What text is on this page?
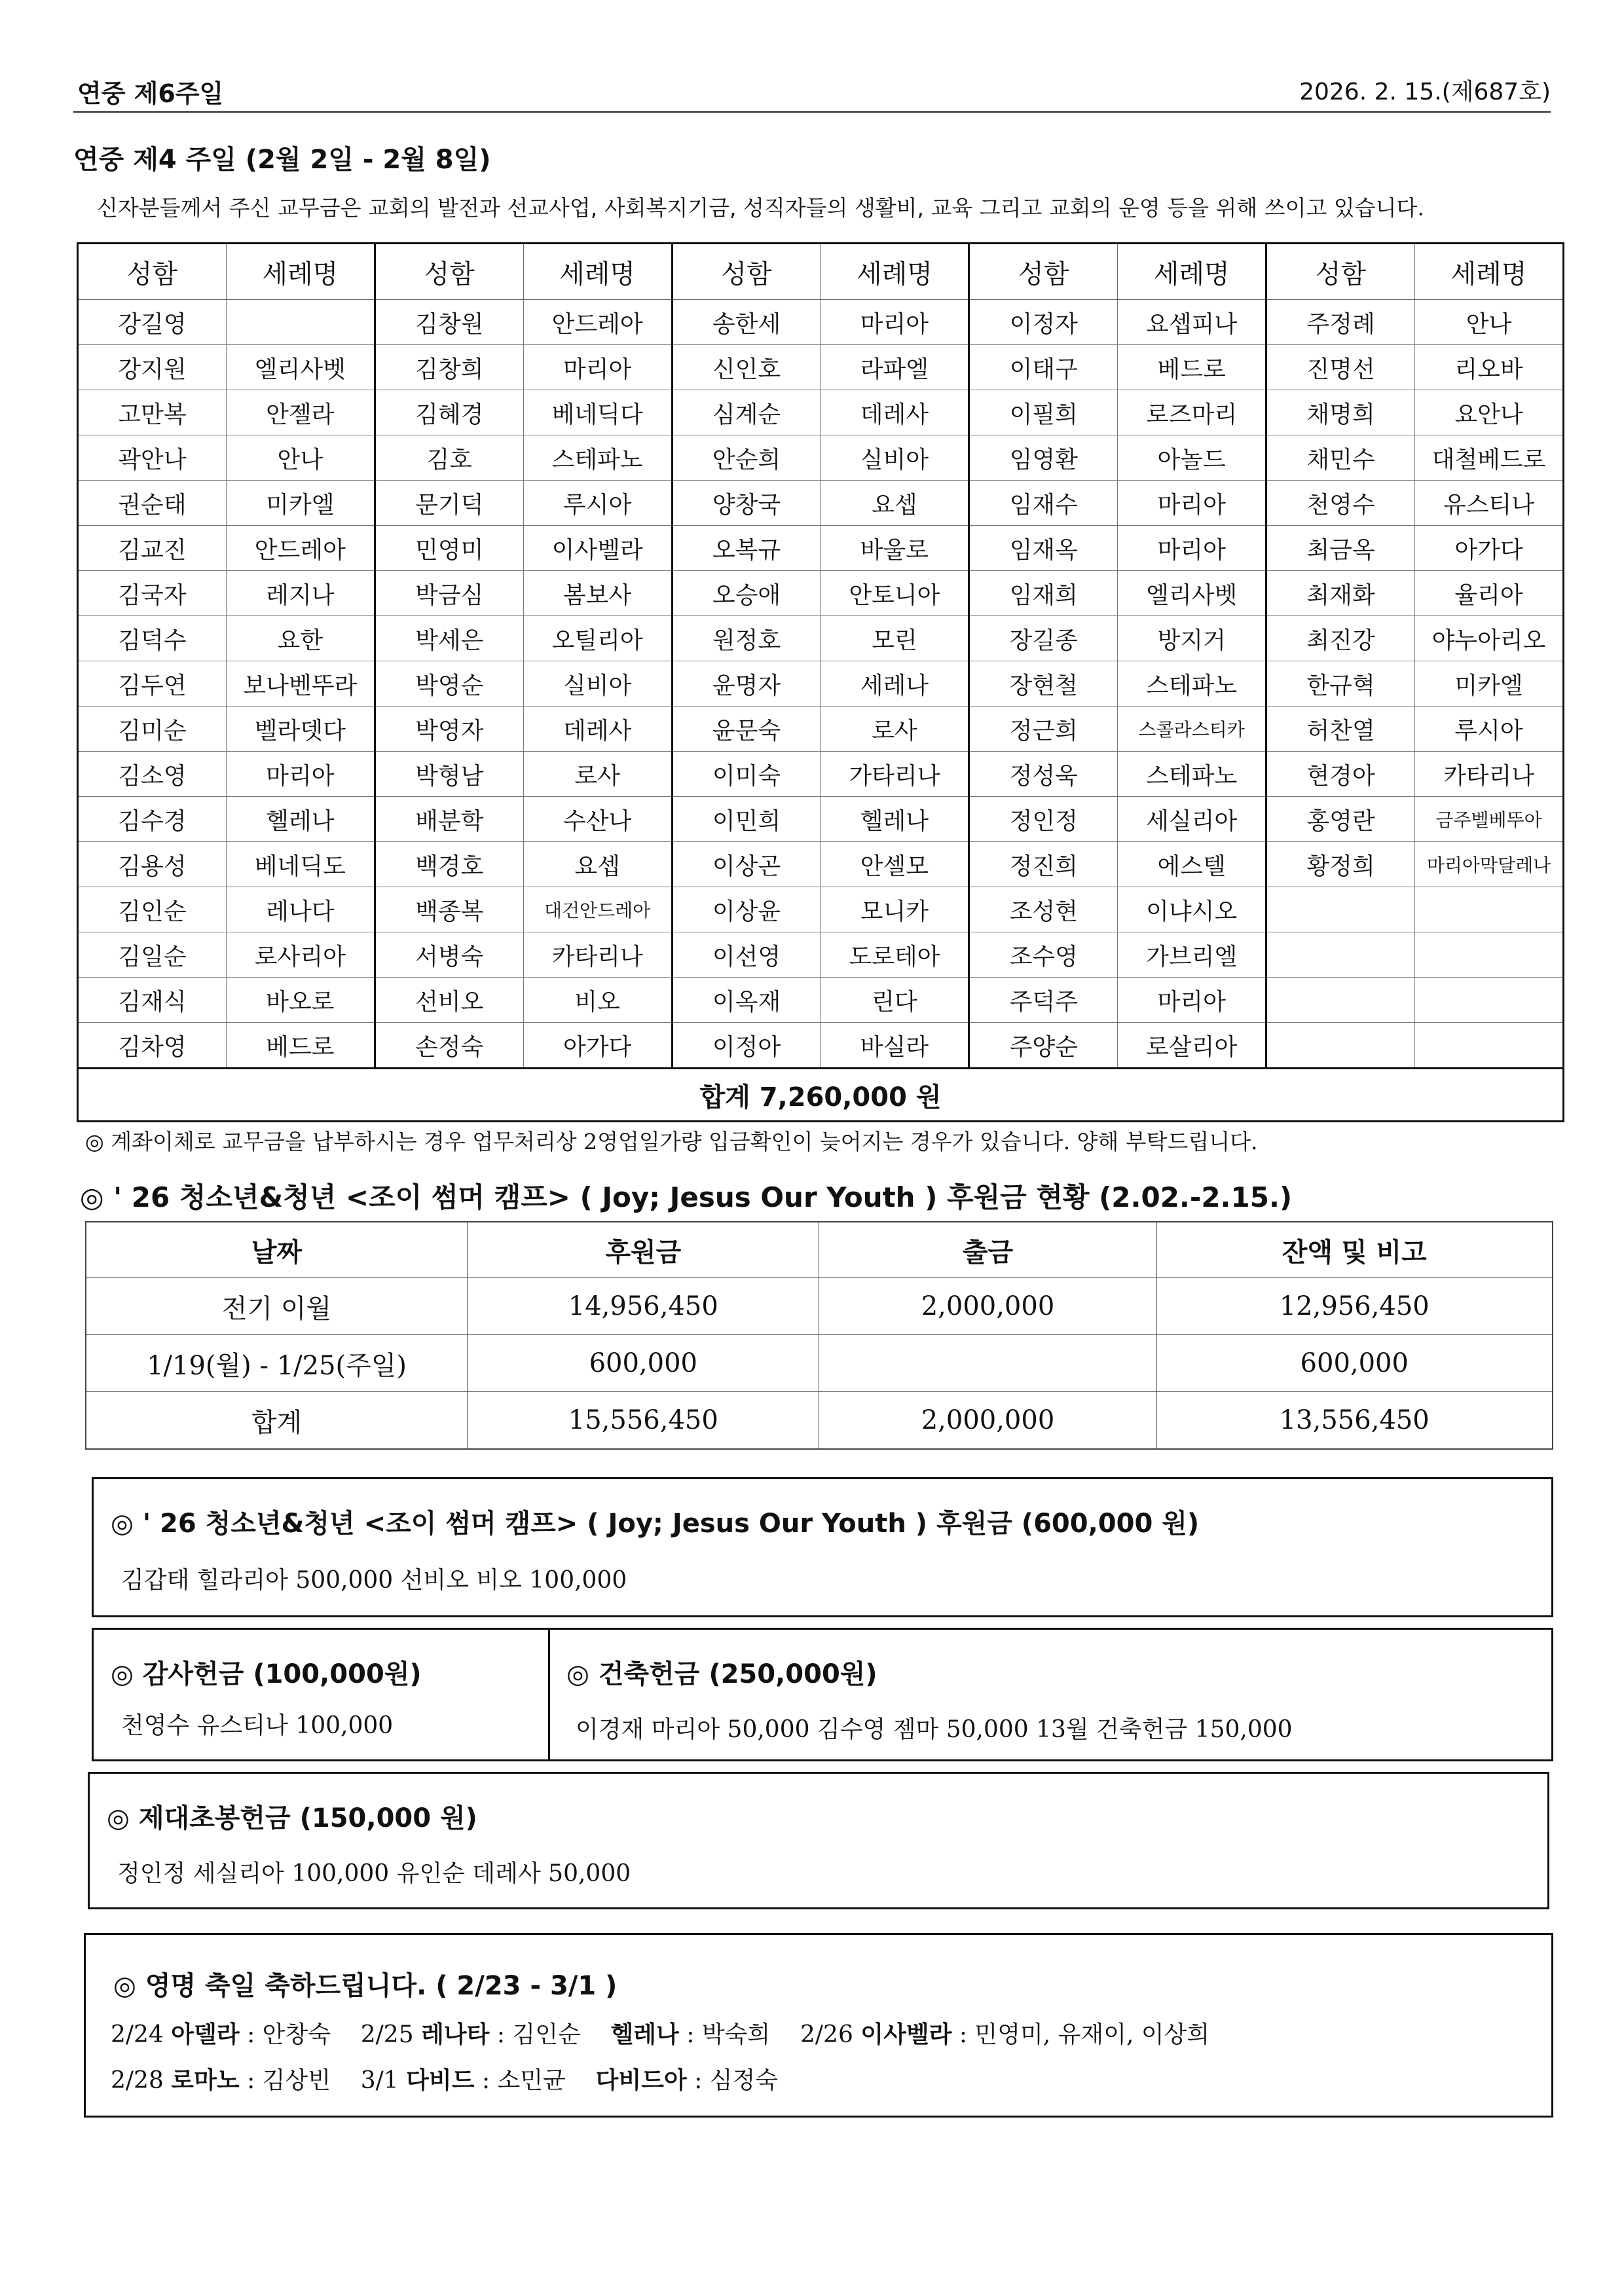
연중 제6주일	2026. 2. 15.(제687호)
연중 제4 주일 (2월 2일 - 2월 8일)
신자분들께서 주신 교무금은 교회의 발전과 선교사업, 사회복지기금, 성직자들의 생활비, 교육 그리고 교회의 운영 등을 위해 쓰이고 있습니다.
성함	세례명	성함	세례명	성함	세례명	성함	세례명	성함	세례명
강길영		김창원	안드레아	송한세	마리아	이정자	요셉피나	주정례	안나
강지원	엘리사벳	김창희	마리아	신인호	라파엘	이태구	베드로	진명선	리오바
고만복	안젤라	김혜경	베네딕다	심계순	데레사	이필희	로즈마리	채명희	요안나
곽안나	안나	김호	스테파노	안순희	실비아	임영환	아놀드	채민수	대철베드로
권순태	미카엘	문기덕	루시아	양창국	요셉	임재수	마리아	천영수	유스티나
김교진	안드레아	민영미	이사벨라	오복규	바울로	임재옥	마리아	최금옥	아가다
김국자	레지나	박금심	봄보사	오승애	안토니아	임재희	엘리사벳	최재화	율리아
김덕수	요한	박세은	오틸리아	원정호	모린	장길종	방지거	최진강	야누아리오
김두연	보나벤뚜라	박영순	실비아	윤명자	세레나	장현철	스테파노	한규혁	미카엘
김미순	벨라뎃다	박영자	데레사	윤문숙	로사	정근희	스콜라스티카	허찬열	루시아
김소영	마리아	박형남	로사	이미숙	가타리나	정성욱	스테파노	현경아	카타리나
김수경	헬레나	배분학	수산나	이민희	헬레나	정인정	세실리아	홍영란	금주벨베뚜아
김용성	베네딕도	백경호	요셉	이상곤	안셀모	정진희	에스텔	황정희	마리아막달레나
김인순	레나다	백종복	대건안드레아	이상윤	모니카	조성현	이냐시오		
김일순	로사리아	서병숙	카타리나	이선영	도로테아	조수영	가브리엘		
김재식	바오로	선비오	비오	이옥재	린다	주덕주	마리아		
김차영	베드로	손정숙	아가다	이정아	바실라	주양순	로살리아		
합계 7,260,000 원									
◎ 계좌이체로 교무금을 납부하시는 경우 업무처리상 2영업일가량 입금확인이 늦어지는 경우가 있습니다. 양해 부탁드립니다.
◎ ' 26 청소년&청년 <조이 썸머 캠프> ( Joy; Jesus Our Youth ) 후원금 현황 (2.02.-2.15.)
날짜	후원금	출금	잔액 및 비고
전기 이월	14,956,450	2,000,000	12,956,450
1/19(월) - 1/25(주일)	600,000		600,000
합계	15,556,450	2,000,000	13,556,450
◎ ' 26 청소년&청년 <조이 썸머 캠프> ( Joy; Jesus Our Youth ) 후원금 (600,000 원)
김갑태 힐라리아 500,000 선비오 비오 100,000
◎ 감사헌금 (100,000원)
천영수 유스티나 100,000
◎ 건축헌금 (250,000원)
이경재 마리아 50,000 김수영 젬마 50,000 13월 건축헌금 150,000
◎ 제대초봉헌금 (150,000 원)
정인정 세실리아 100,000 유인순 데레사 50,000
◎ 영명 축일 축하드립니다. ( 2/23 - 3/1 )
2/24 아델라 : 안창숙 2/25 레나타 : 김인순 헬레나 : 박숙희 2/26 이사벨라 : 민영미, 유재이, 이상희
2/28 로마노 : 김상빈 3/1 다비드 : 소민균 다비드아 : 심정숙
